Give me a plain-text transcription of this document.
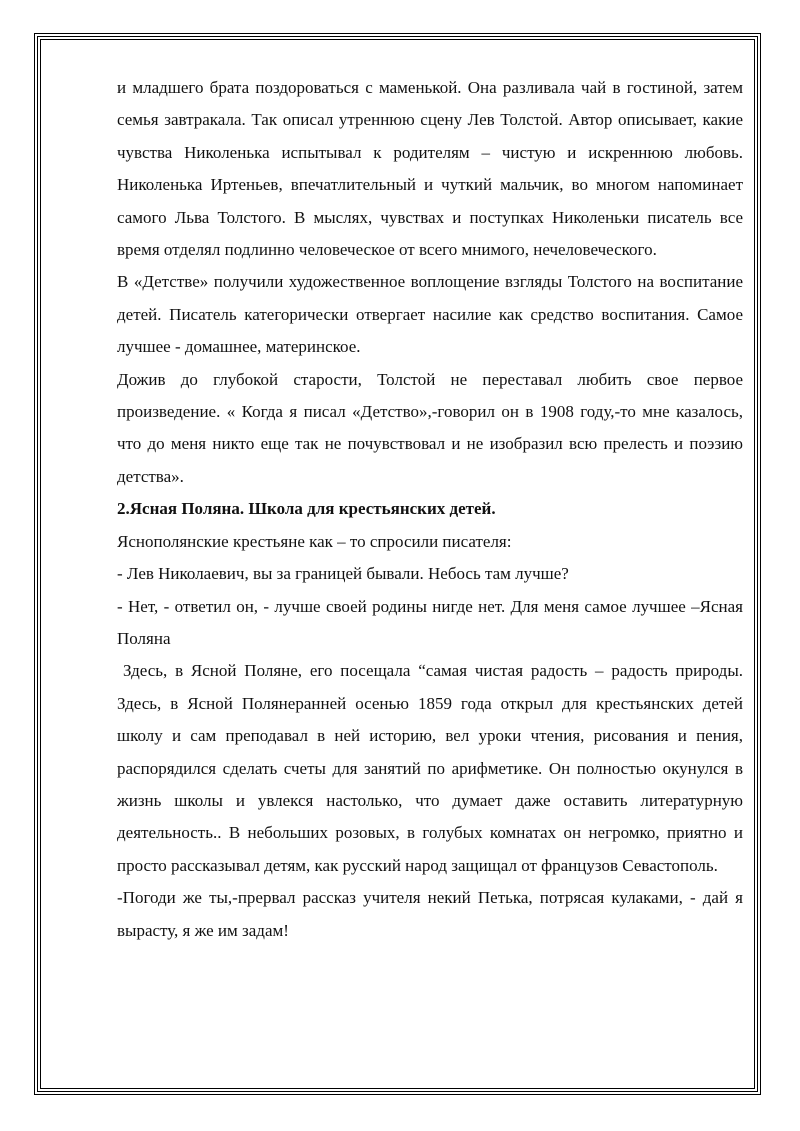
и младшего брата поздороваться с маменькой. Она разливала чай в гостиной, затем семья завтракала. Так описал утреннюю сцену Лев Толстой. Автор описывает, какие чувства Николенька испытывал к родителям – чистую и искреннюю любовь. Николенька Иртеньев, впечатлительный и чуткий мальчик, во многом напоминает самого Льва Толстого. В мыслях, чувствах и поступках Николеньки писатель все время отделял подлинно человеческое от всего мнимого, нечеловеческого.

В «Детстве» получили художественное воплощение взгляды Толстого на воспитание детей. Писатель категорически отвергает насилие как средство воспитания. Самое лучшее - домашнее, материнское.

Дожив до глубокой старости, Толстой не переставал любить свое первое произведение. « Когда я писал «Детство»,-говорил он в 1908 году,-то мне казалось, что до меня никто еще так не почувствовал и не изобразил всю прелесть и поэзию детства».

2.Ясная Поляна. Школа для крестьянских детей.

Яснополянские крестьяне как – то спросили писателя:

- Лев Николаевич, вы за границей бывали. Небось там лучше?

- Нет, - ответил он, - лучше своей родины нигде нет. Для меня самое лучшее –Ясная Поляна

Здесь, в Ясной Поляне, его посещала “самая чистая радость – радость природы. Здесь, в Ясной Полянеранней осенью 1859 года открыл для крестьянских детей школу и сам преподавал в ней историю, вел уроки чтения, рисования и пения, распорядился сделать счеты для занятий по арифметике. Он полностью окунулся в жизнь школы и увлекся настолько, что думает даже оставить литературную деятельность.. В небольших розовых, в голубых комнатах он негромко, приятно и просто рассказывал детям, как русский народ защищал от французов Севастополь.

-Погоди же ты,-прервал рассказ учителя некий Петька, потрясая кулаками, - дай я вырасту, я же им задам!
